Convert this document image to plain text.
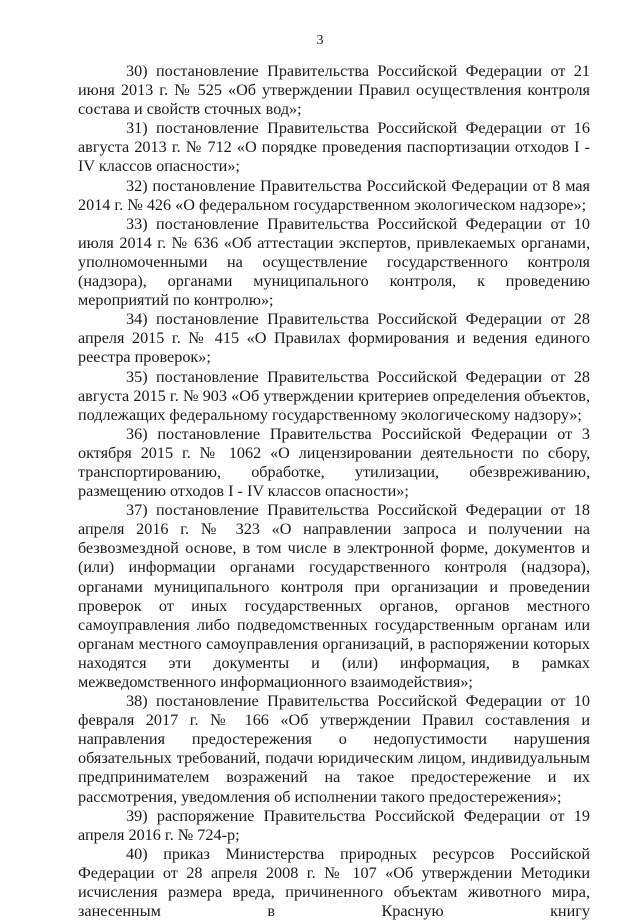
3

30) постановление Правительства Российской Федерации от 21 июня 2013 г. № 525 «Об утверждении Правил осуществления контроля состава и свойств сточных вод»;

31) постановление Правительства Российской Федерации от 16 августа 2013 г. № 712 «О порядке проведения паспортизации отходов I - IV классов опасности»;

32) постановление Правительства Российской Федерации от 8 мая 2014 г. № 426 «О федеральном государственном экологическом надзоре»;

33) постановление Правительства Российской Федерации от 10 июля 2014 г. № 636 «Об аттестации экспертов, привлекаемых органами, уполномоченными на осуществление государственного контроля (надзора), органами муниципального контроля, к проведению мероприятий по контролю»;

34) постановление Правительства Российской Федерации от 28 апреля 2015 г. № 415 «О Правилах формирования и ведения единого реестра проверок»;

35) постановление Правительства Российской Федерации от 28 августа 2015 г. № 903 «Об утверждении критериев определения объектов, подлежащих федеральному государственному экологическому надзору»;

36) постановление Правительства Российской Федерации от 3 октября 2015 г. № 1062 «О лицензировании деятельности по сбору, транспортированию, обработке, утилизации, обезвреживанию, размещению отходов I - IV классов опасности»;

37) постановление Правительства Российской Федерации от 18 апреля 2016 г. № 323 «О направлении запроса и получении на безвозмездной основе, в том числе в электронной форме, документов и (или) информации органами государственного контроля (надзора), органами муниципального контроля при организации и проведении проверок от иных государственных органов, органов местного самоуправления либо подведомственных государственным органам или органам местного самоуправления организаций, в распоряжении которых находятся эти документы и (или) информация, в рамках межведомственного информационного взаимодействия»;

38) постановление Правительства Российской Федерации от 10 февраля 2017 г. № 166 «Об утверждении Правил составления и направления предостережения о недопустимости нарушения обязательных требований, подачи юридическим лицом, индивидуальным предпринимателем возражений на такое предостережение и их рассмотрения, уведомления об исполнении такого предостережения»;

39) распоряжение Правительства Российской Федерации от 19 апреля 2016 г. № 724-р;

40) приказ Министерства природных ресурсов Российской Федерации от 28 апреля 2008 г. № 107 «Об утверждении Методики исчисления размера вреда, причиненного объектам животного мира, занесенным в Красную книгу
